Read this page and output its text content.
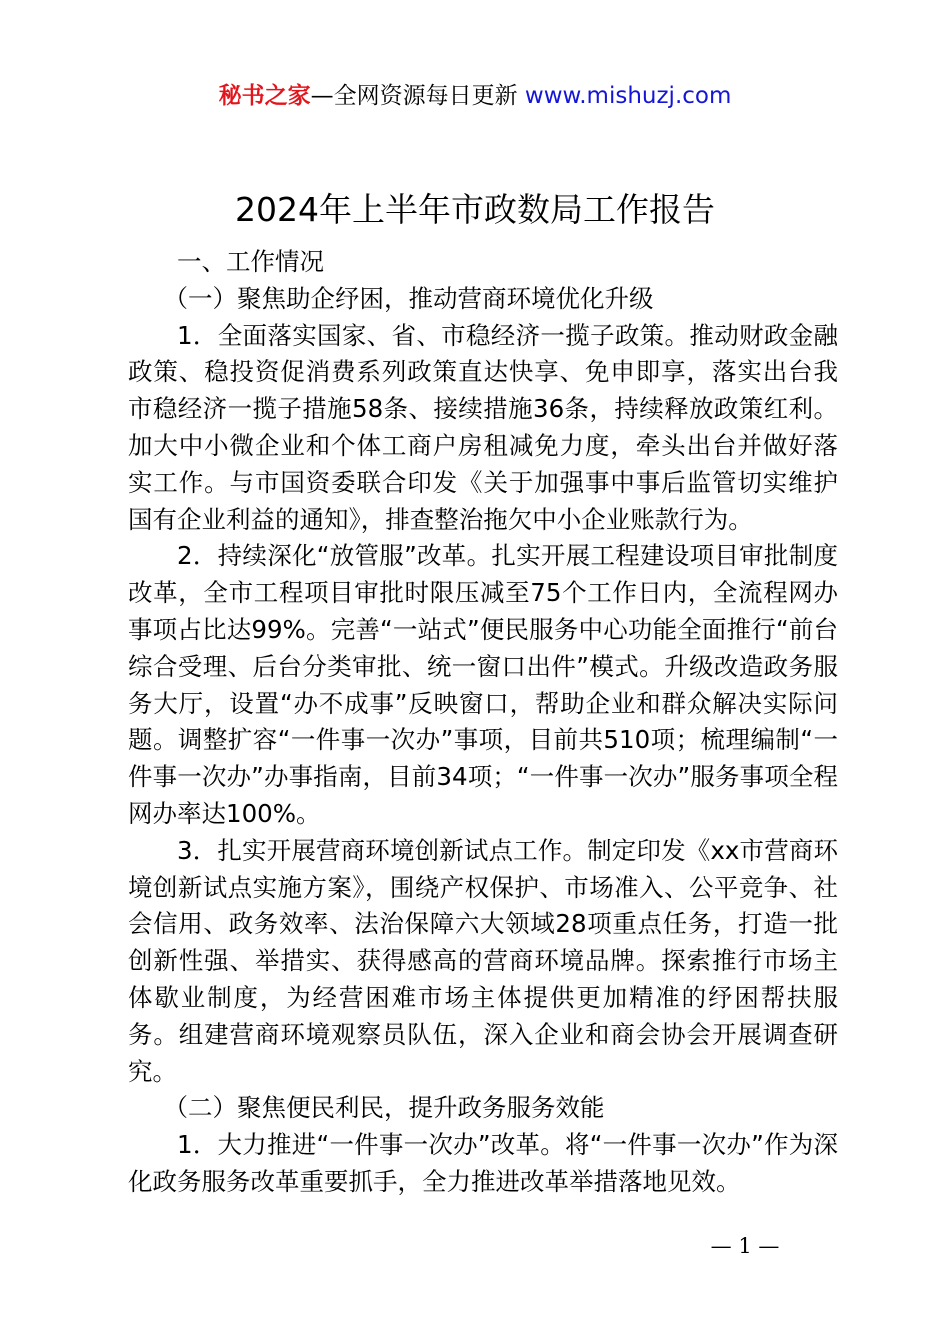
秘书之家—全网资源每日更新 www.mishuzj.com
2024年上半年市政数局工作报告

一、工作情况

（一）聚焦助企纾困，推动营商环境优化升级

1．全面落实国家、省、市稳经济一揽子政策。推动财政金融政策、稳投资促消费系列政策直达快享、免申即享，落实出台我市稳经济一揽子措施58条、接续措施36条，持续释放政策红利。加大中小微企业和个体工商户房租减免力度，牵头出台并做好落实工作。与市国资委联合印发《关于加强事中事后监管切实维护国有企业利益的通知》，排查整治拖欠中小企业账款行为。

2．持续深化“放管服”改革。扎实开展工程建设项目审批制度改革，全市工程项目审批时限压减至75个工作日内，全流程网办事项占比达99%。完善“一站式”便民服务中心功能全面推行“前台综合受理、后台分类审批、统一窗口出件”模式。升级改造政务服务大厅，设置“办不成事”反映窗口，帮助企业和群众解决实际问题。调整扩容“一件事一次办”事项，目前共510项；梳理编制“一件事一次办”办事指南，目前34项；“一件事一次办”服务事项全程网办率达100%。

3．扎实开展营商环境创新试点工作。制定印发《xx市营商环境创新试点实施方案》，围绕产权保护、市场准入、公平竞争、社会信用、政务效率、法治保障六大领域28项重点任务，打造一批创新性强、举措实、获得感高的营商环境品牌。探索推行市场主体歇业制度，为经营困难市场主体提供更加精准的纾困帮扶服务。组建营商环境观察员队伍，深入企业和商会协会开展调查研究。

（二）聚焦便民利民，提升政务服务效能

1．大力推进“一件事一次办”改革。将“一件事一次办”作为深化政务服务改革重要抓手，全力推进改革举措落地见效。

— 1 —
